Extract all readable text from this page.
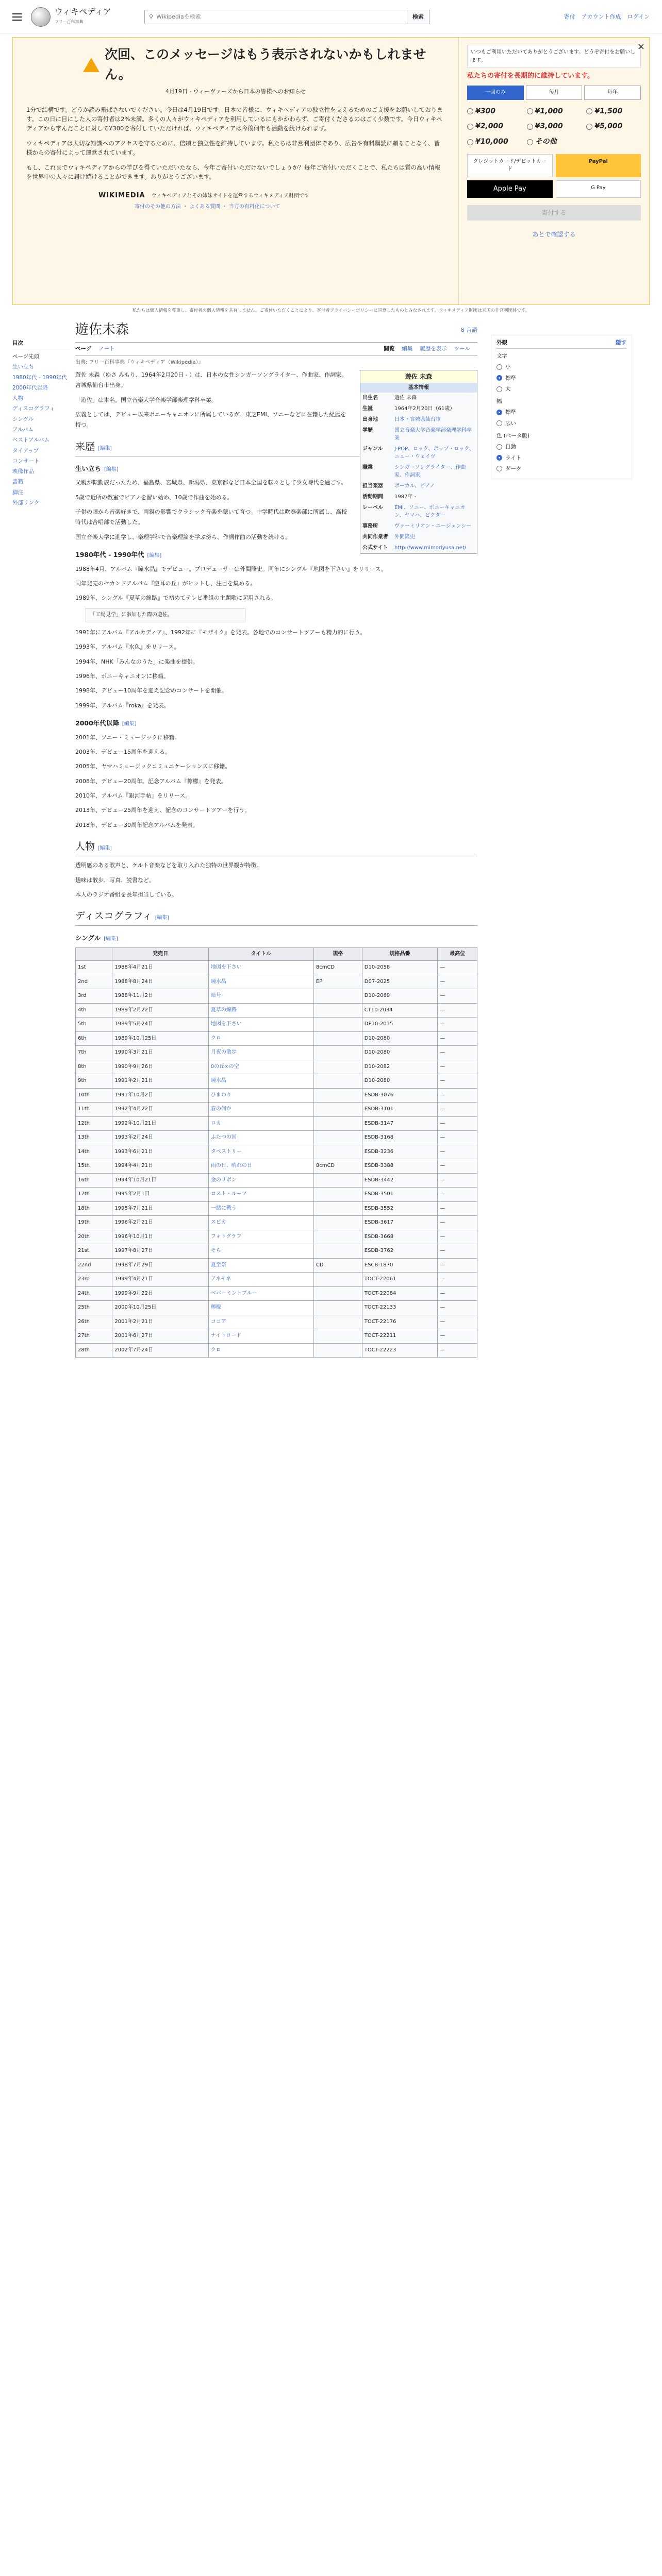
ウィキペディア
フリー百科事典
⚲ Wikipediaを検索	検索	寄付 アカウント作成 ログイン
次回、このメッセージはもう表示されないかもしれません。
4月19日 - ウィーヴァーズから日本の皆様へのお知らせ

1分で結構です。どうか読み飛ばさないでください。今日は4月19日です。日本の皆様に、ウィキペディアの独立性を支えるためのご支援をお願いしております。この日に目にした人の寄付者は2%未満。多くの人々がウィキペディアを利用しているにもかかわらず、ご寄付くださるのはごく少数です。今日ウィキペディアから学んだことに対して¥300を寄付していただければ、ウィキペディアは今後何年も活動を続けられます。

ウィキペディアは大切な知識へのアクセスを守るために、信頼と独立性を維持しています。私たちは非営利団体であり、広告や有料購読に頼ることなく、皆様からの寄付によって運営されています。

もし、これまでウィキペディアからの学びを得ていただいたなら、今年ご寄付いただけないでしょうか？毎年ご寄付いただくことで、私たちは質の高い情報を世界中の人々に届け続けることができます。ありがとうございます。

WIKIMEDIA ウィキペディアとその姉妹サイトを運営するウィキメディア財団です
寄付のその他の方法 ・ よくある質問 ・ 当方の有料化について
×
いつもご利用いただいてありがとうございます。どうぞ寄付をお願いします。
私たちの寄付を長期的に維持しています。
一回のみ	毎月	毎年
¥300	¥1,000	¥1,500
¥2,000	¥3,000	¥5,000
¥10,000	その他
クレジットカード/デビットカード
PayPal
Apple Pay	G Pay
寄付する
あとで確認する
私たちは個人情報を尊重し、寄付者の個人情報を共有しません。ご寄付いただくことにより、寄付者プライバシーポリシーに同意したものとみなされます。ウィキメディア財団は米国の非営利団体です。
目次
ページ先頭
生い立ち
1980年代 - 1990年代
2000年代以降
人物
ディスコグラフィ
シングル
アルバム
ベストアルバム
タイアップ
コンサート
映像作品
書籍
脚注
外部リンク
遊佐未森	8 言語
ページ ノート	閲覧 編集 履歴を表示 ツール
出典: フリー百科事典『ウィキペディア（Wikipedia）』
遊佐 未森
基本情報
出生名	遊佐 未森
生誕	1964年2月20日（61歳）
出身地	日本・宮城県仙台市
学歴	国立音楽大学音楽学部楽理学科卒業
ジャンル	J-POP、ロック、ポップ・ロック、ニュー・ウェイヴ
職業	シンガーソングライター、作曲家、作詞家
担当楽器	ボーカル、ピアノ
活動期間	1987年 -
レーベル	EMI、ソニー、ポニーキャニオン、ヤマハ、ビクター
事務所	ヴァーミリオン・エージェンシー
共同作業者	外間隆史
公式サイト	http://www.mimoriyusa.net/

遊佐 未森（ゆさ みもり、1964年2月20日 - ）は、日本の女性シンガーソングライター、作曲家、作詞家。宮城県仙台市出身。

「遊佐」は本名。国立音楽大学音楽学部楽理学科卒業。

広義としては、デビュー以来ポニーキャニオンに所属しているが、東芝EMI、ソニーなどに在籍した経歴を持つ。

来歴 [編集]
生い立ち [編集]

父親が転勤族だったため、福島県、宮城県、新潟県、東京都など日本全国を転々として少女時代を過ごす。

5歳で近所の教室でピアノを習い始め、10歳で作曲を始める。

子供の頃から音楽好きで、両親の影響でクラシック音楽を聴いて育つ。中学時代は吹奏楽部に所属し、高校時代は合唱部で活動した。

国立音楽大学に進学し、楽理学科で音楽理論を学ぶ傍ら、作詞作曲の活動を続ける。

1980年代 - 1990年代 [編集]

1988年4月、アルバム『瞳水晶』でデビュー。プロデューサーは外間隆史。同年にシングル『地図を下さい』をリリース。

同年発売のセカンドアルバム『空耳の丘』がヒットし、注目を集める。

1989年、シングル『夏草の線路』で初めてテレビ番組の主題歌に起用される。

「工場見学」に参加した際の遊佐。

1991年にアルバム『アルカディア』、1992年に『モザイク』を発表。各地でのコンサートツアーも精力的に行う。

1993年、アルバム『水色』をリリース。

1994年、NHK「みんなのうた」に楽曲を提供。

1996年、ポニーキャニオンに移籍。

1998年、デビュー10周年を迎え記念のコンサートを開催。

1999年、アルバム『roka』を発表。

2000年代以降 [編集]

2001年、ソニー・ミュージックに移籍。

2003年、デビュー15周年を迎える。

2005年、ヤマハミュージックコミュニケーションズに移籍。

2008年、デビュー20周年。記念アルバム『檸檬』を発表。

2010年、アルバム『銀河手帖』をリリース。

2013年、デビュー25周年を迎え、記念のコンサートツアーを行う。

2018年、デビュー30周年記念アルバムを発表。

人物 [編集]

透明感のある歌声と、ケルト音楽などを取り入れた独特の世界観が特徴。

趣味は散歩、写真、読書など。

本人のラジオ番組を長年担当している。

ディスコグラフィ [編集]
シングル [編集]
	発売日	タイトル	規格	規格品番	最高位
1st	1988年4月21日	地図を下さい	8cmCD	D10-2058	—
2nd	1988年8月24日	瞳水晶	EP	D07-2025	—
3rd	1988年11月2日	暗号		D10-2069	—
4th	1989年2月22日	夏草の線路		CT10-2034	—
5th	1989年5月24日	地図を下さい		DP10-2015	—
6th	1989年10月25日	クロ		D10-2080	—
7th	1990年3月21日	月夜の散歩		D10-2080	—
8th	1990年9月26日	0の丘∞の空		D10-2082	—
9th	1991年2月21日	瞳水晶		D10-2080	—
10th	1991年10月2日	ひまわり		ESDB-3076	—
11th	1992年4月22日	春の何か		ESDB-3101	—
12th	1992年10月21日	ロカ		ESDB-3147	—
13th	1993年2月24日	ふたつの国		ESDB-3168	—
14th	1993年6月21日	タペストリー		ESDB-3236	—
15th	1994年4月21日	雨の日、晴れの日	8cmCD	ESDB-3388	—
16th	1994年10月21日	金のリボン		ESDB-3442	—
17th	1995年2月1日	ロスト・ルーツ		ESDB-3501	—
18th	1995年7月21日	一緒に戦う		ESDB-3552	—
19th	1996年2月21日	スピカ		ESDB-3617	—
20th	1996年10月1日	フォトグラフ		ESDB-3668	—
21st	1997年8月27日	そら		ESDB-3762	—
22nd	1998年7月29日	夏至祭	CD	ESCB-1870	—
23rd	1999年4月21日	アネモネ		TOCT-22061	—
24th	1999年9月22日	ペパーミントブルー		TOCT-22084	—
25th	2000年10月25日	檸檬		TOCT-22133	—
26th	2001年2月21日	ココア		TOCT-22176	—
27th	2001年6月27日	ナイトロード		TOCT-22211	—
28th	2002年7月24日	クロ		TOCT-22223	—
外観	隠す
文字
小
標準
大
幅
標準
広い
色 (ベータ版)
自動
ライト
ダーク
